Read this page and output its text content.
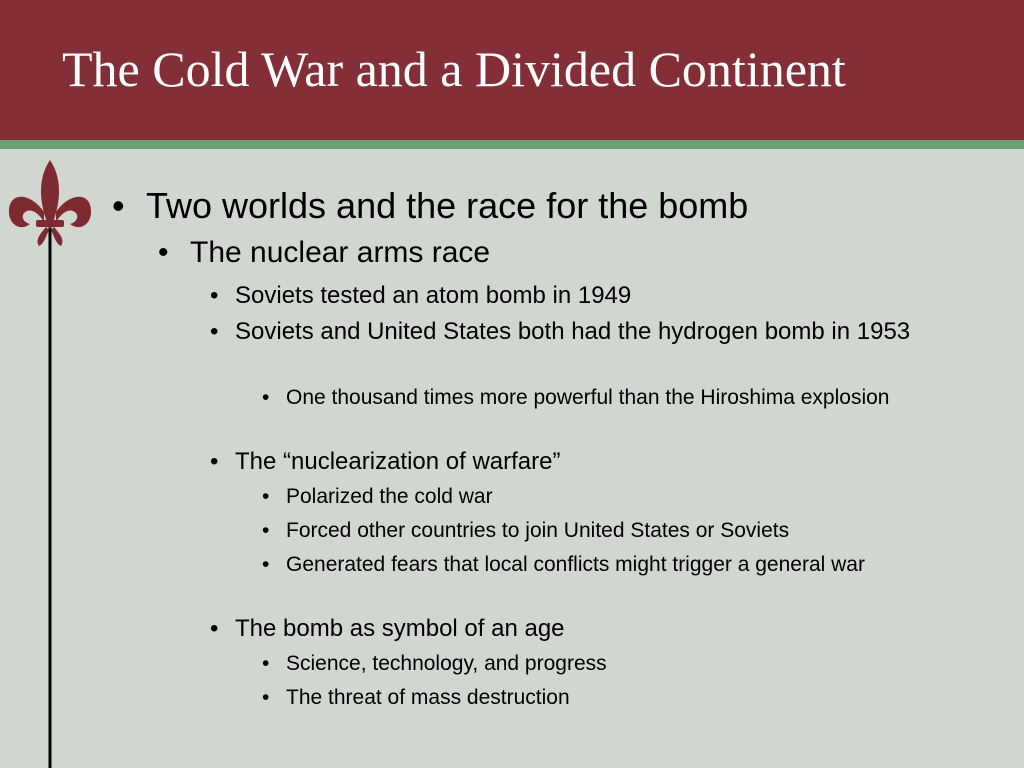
The Cold War and a Divided Continent
• Two worlds and the race for the bomb

• The nuclear arms race

• Soviets tested an atom bomb in 1949

• Soviets and United States both had the hydrogen bomb in 1953

• One thousand times more powerful than the Hiroshima explosion

• The “nuclearization of warfare”

• Polarized the cold war

• Forced other countries to join United States or Soviets

• Generated fears that local conflicts might trigger a general war

• The bomb as symbol of an age

• Science, technology, and progress

• The threat of mass destruction
